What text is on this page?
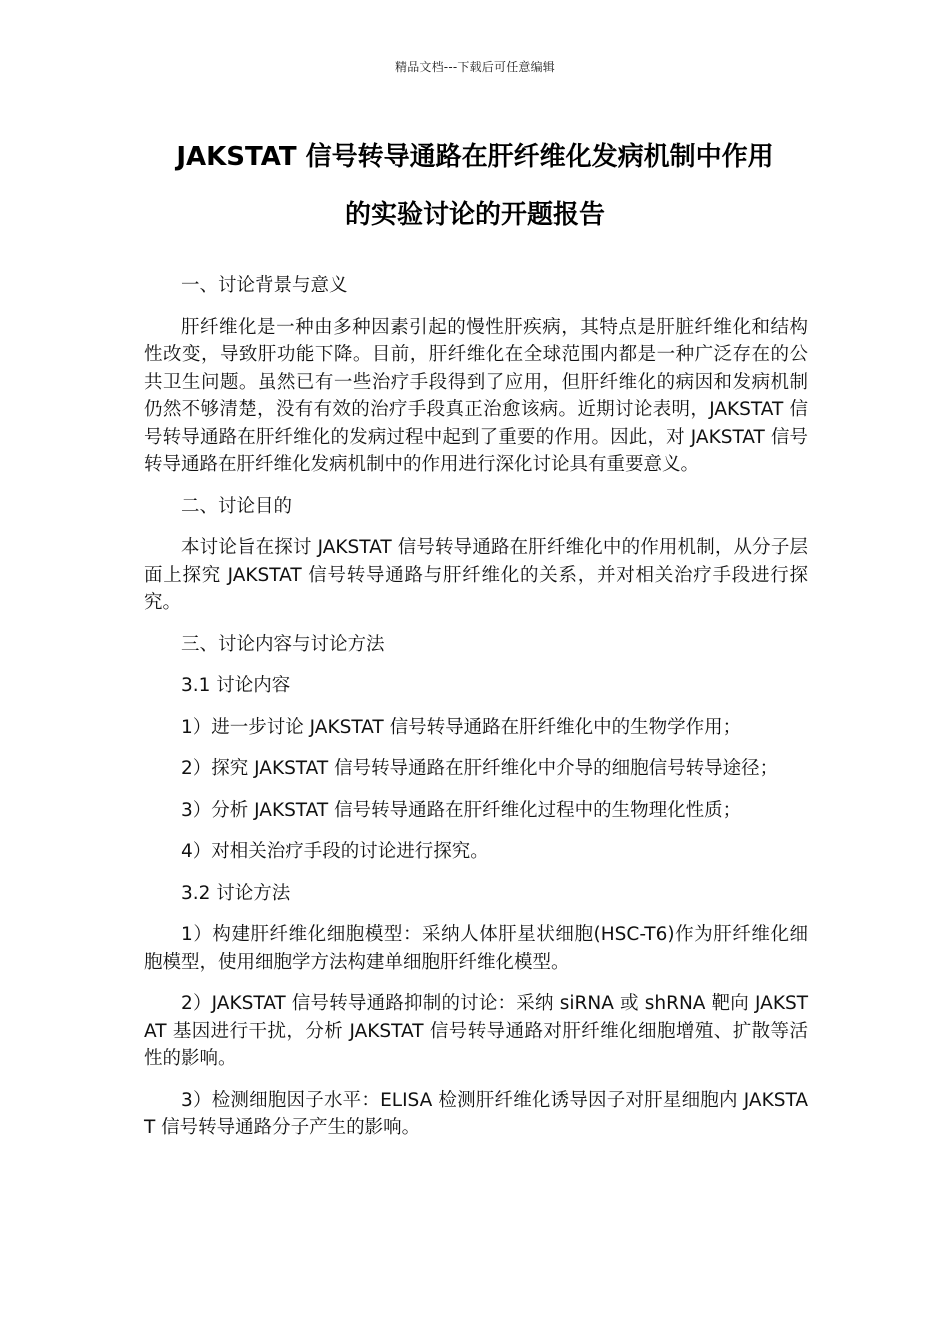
精品文档---下载后可任意编辑
JAKSTAT 信号转导通路在肝纤维化发病机制中作用
的实验讨论的开题报告

一、讨论背景与意义

肝纤维化是一种由多种因素引起的慢性肝疾病，其特点是肝脏纤维化和结构性改变，导致肝功能下降。目前，肝纤维化在全球范围内都是一种广泛存在的公共卫生问题。虽然已有一些治疗手段得到了应用，但肝纤维化的病因和发病机制仍然不够清楚，没有有效的治疗手段真正治愈该病。近期讨论表明，JAKSTAT 信号转导通路在肝纤维化的发病过程中起到了重要的作用。因此，对 JAKSTAT 信号转导通路在肝纤维化发病机制中的作用进行深化讨论具有重要意义。

二、讨论目的

本讨论旨在探讨 JAKSTAT 信号转导通路在肝纤维化中的作用机制，从分子层面上探究 JAKSTAT 信号转导通路与肝纤维化的关系，并对相关治疗手段进行探究。

三、讨论内容与讨论方法

3.1 讨论内容

1）进一步讨论 JAKSTAT 信号转导通路在肝纤维化中的生物学作用；

2）探究 JAKSTAT 信号转导通路在肝纤维化中介导的细胞信号转导途径；

3）分析 JAKSTAT 信号转导通路在肝纤维化过程中的生物理化性质；

4）对相关治疗手段的讨论进行探究。

3.2 讨论方法

1）构建肝纤维化细胞模型：采纳人体肝星状细胞(HSC-T6)作为肝纤维化细胞模型，使用细胞学方法构建单细胞肝纤维化模型。

2）JAKSTAT 信号转导通路抑制的讨论：采纳 siRNA 或 shRNA 靶向 JAKSTAT 基因进行干扰，分析 JAKSTAT 信号转导通路对肝纤维化细胞增殖、扩散等活性的影响。

3）检测细胞因子水平：ELISA 检测肝纤维化诱导因子对肝星细胞内 JAKSTAT 信号转导通路分子产生的影响。
